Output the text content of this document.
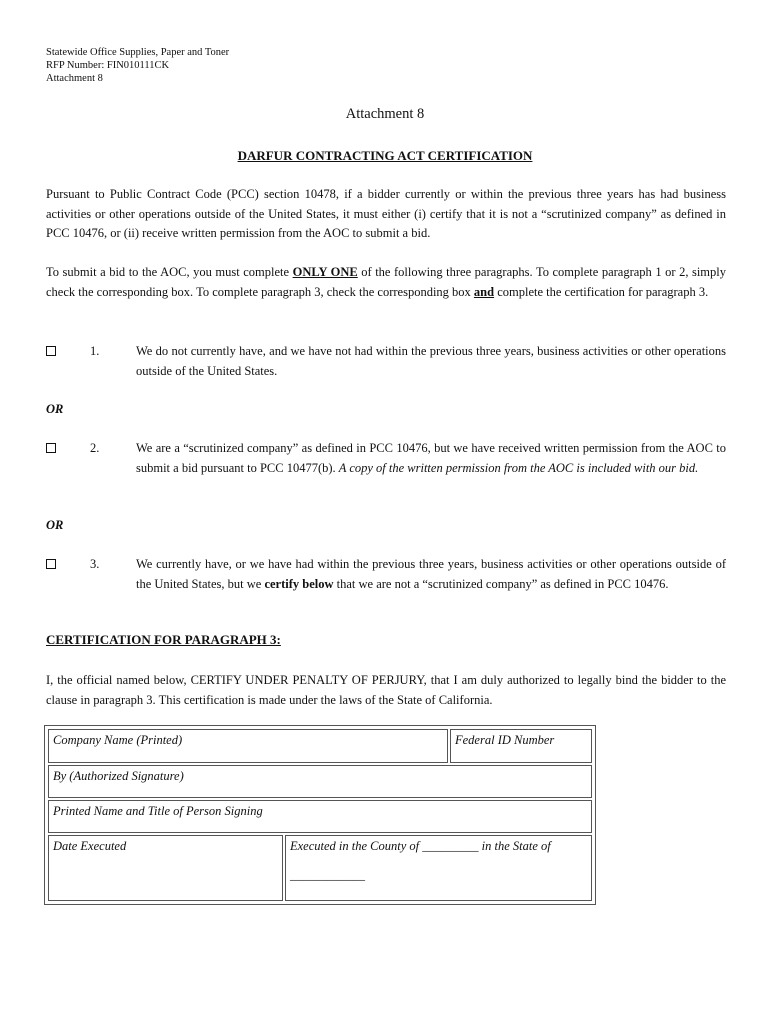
Statewide Office Supplies, Paper and Toner
RFP Number: FIN010111CK
Attachment 8
Attachment 8
DARFUR CONTRACTING ACT CERTIFICATION
Pursuant to Public Contract Code (PCC) section 10478, if a bidder currently or within the previous three years has had business activities or other operations outside of the United States, it must either (i) certify that it is not a “scrutinized company” as defined in PCC 10476, or (ii) receive written permission from the AOC to submit a bid.
To submit a bid to the AOC, you must complete ONLY ONE of the following three paragraphs. To complete paragraph 1 or 2, simply check the corresponding box. To complete paragraph 3, check the corresponding box and complete the certification for paragraph 3.
1.	We do not currently have, and we have not had within the previous three years, business activities or other operations outside of the United States.
OR
2.	We are a “scrutinized company” as defined in PCC 10476, but we have received written permission from the AOC to submit a bid pursuant to PCC 10477(b). A copy of the written permission from the AOC is included with our bid.
OR
3.	We currently have, or we have had within the previous three years, business activities or other operations outside of the United States, but we certify below that we are not a “scrutinized company” as defined in PCC 10476.
CERTIFICATION FOR PARAGRAPH 3:
I, the official named below, CERTIFY UNDER PENALTY OF PERJURY, that I am duly authorized to legally bind the bidder to the clause in paragraph 3. This certification is made under the laws of the State of California.
Company Name (Printed)	Federal ID Number
By (Authorized Signature)
Printed Name and Title of Person Signing
Date Executed	Executed in the County of _________ in the State of
____________
